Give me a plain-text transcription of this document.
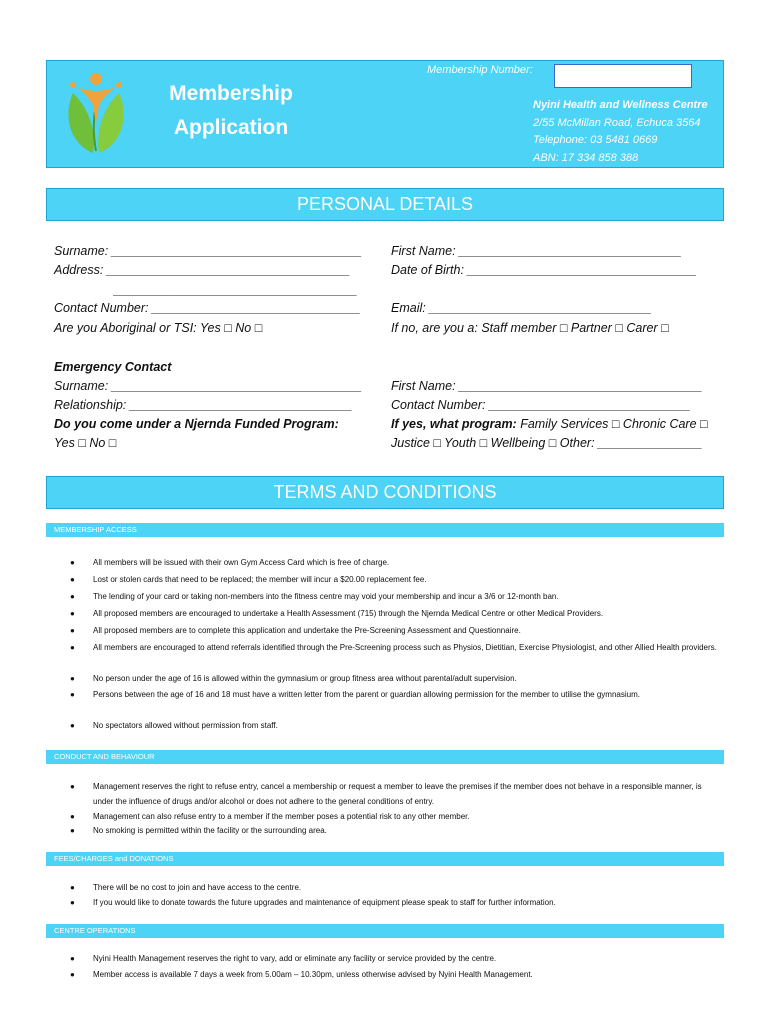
Membership
Application
Membership Number:
Nyini Health and Wellness Centre
2/55 McMillan Road, Echuca 3564
Telephone: 03 5481 0669
ABN: 17 334 858 388
PERSONAL DETAILS
Surname: ____________________________________ First Name: ________________________________
Address: ___________________________________	Date of Birth: _________________________________
___________________________________
Contact Number: ______________________________ Email: ________________________________
Are you Aboriginal or TSI: Yes □ No □	If no, are you a: Staff member □ Partner □ Carer □
Emergency Contact
Surname: ____________________________________ First Name: ___________________________________
Relationship: ________________________________	Contact Number: _____________________________
Do you come under a Njernda Funded Program:	If yes, what program: Family Services □ Chronic Care □
Yes □ No □	Justice □ Youth □ Wellbeing □ Other: _______________
TERMS AND CONDITIONS
MEMBERSHIP ACCESS
● All members will be issued with their own Gym Access Card which is free of charge.
● Lost or stolen cards that need to be replaced; the member will incur a $20.00 replacement fee.
● The lending of your card or taking non-members into the fitness centre may void your membership and incur a 3/6 or 12-month ban.
● All proposed members are encouraged to undertake a Health Assessment (715) through the Njernda Medical Centre or other Medical Providers.
● All proposed members are to complete this application and undertake the Pre-Screening Assessment and Questionnaire.
● All members are encouraged to attend referrals identified through the Pre-Screening process such as Physios, Dietitian, Exercise Physiologist, and other Allied Health providers.
● No person under the age of 16 is allowed within the gymnasium or group fitness area without parental/adult supervision.
● Persons between the age of 16 and 18 must have a written letter from the parent or guardian allowing permission for the member to utilise the gymnasium.
● No spectators allowed without permission from staff.
CONDUCT AND BEHAVIOUR
● Management reserves the right to refuse entry, cancel a membership or request a member to leave the premises if the member does not behave in a responsible manner, is under the influence of drugs and/or alcohol or does not adhere to the general conditions of entry.
● Management can also refuse entry to a member if the member poses a potential risk to any other member.
● No smoking is permitted within the facility or the surrounding area.
FEES/CHARGES and DONATIONS
● There will be no cost to join and have access to the centre.
● If you would like to donate towards the future upgrades and maintenance of equipment please speak to staff for further information.
CENTRE OPERATIONS
● Nyini Health Management reserves the right to vary, add or eliminate any facility or service provided by the centre.
● Member access is available 7 days a week from 5.00am – 10.30pm, unless otherwise advised by Nyini Health Management.
